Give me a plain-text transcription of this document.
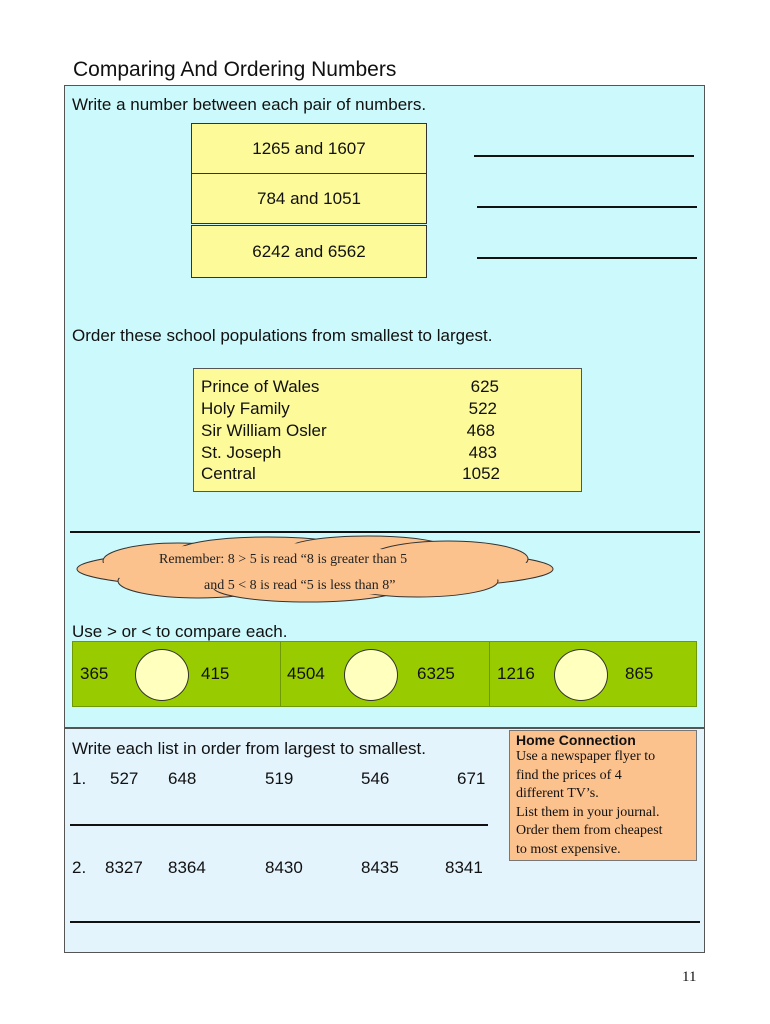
Comparing And Ordering Numbers
Write a number between each pair of numbers.
1265 and 1607
784 and 1051
6242 and 6562
Order these school populations from smallest to largest.
Prince of Wales	625
Holy Family	522
Sir William Osler	468
St. Joseph	483
Central	1052
Remember: 8 > 5 is read “8 is greater than 5
and 5 < 8 is read “5 is less than 8”
Use > or < to compare each.
365	415	4504	6325 1216	865
Write each list in order from largest to smallest.
1. 527 648	519	546	671
2. 8327 8364	8430	8435	8341
Home Connection

Use a newspaper flyer to

find the prices of 4

different TV’s.

List them in your journal.

Order them from cheapest

to most expensive.

11
